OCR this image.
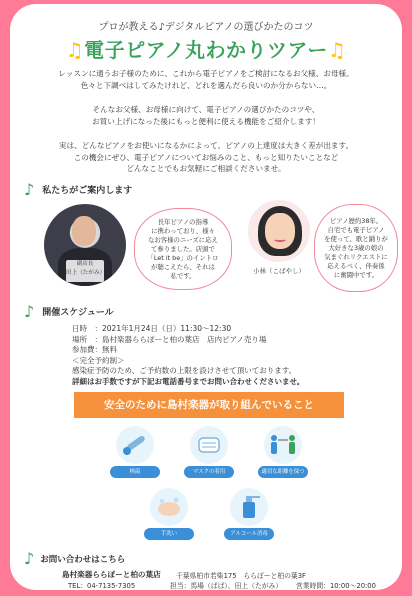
プロが教える♪デジタルピアノの選びかたのコツ
♫電子ピアノ丸わかりツアー♫
レッスンに通うお子様のために、これから電子ピアノをご検討になるお父様、お母様。
色々と下調べはしてみたけれど、どれを選んだら良いのか分からない…。
そんなお父様、お母様に向けて、電子ピアノの選びかたのコツや、
お買い上げになった後にもっと便利に使える機能をご紹介します！
実は、どんなピアノをお使いになるかによって、ピアノの上達度は大きく差が出ます。
この機会にぜひ、電子ピアノについてお悩みのこと、もっと知りたいことなど
どんなことでもお気軽にご相談くださいませ。
♪ 私たちがご案内します
副店長
田上（たがみ）
長年ピアノの指導
に携わっており、様々
なお客様のニーズに応え
て参りました。店頭で
「Let it be」のイントロ
が聴こえたら、それは
私です。
小林（こばやし）
ピアノ歴約38年。
自宅でも電子ピアノ
を使って、歌と踊りが
大好きな3歳の娘の
気まぐれリクエストに
応えるべく、伴奏係
に奮闘中です。
♪ 開催スケジュール
日時　：2021年1月24日（日）11:30～12:30
場所　：島村楽器ららぽーと柏の葉店　店内ピアノ売り場
参加費：無料
＜完全予約制＞
感染症予防のため、ご予約数の上限を設けさせて頂いております。
詳細はお手数ですが下記お電話番号までお問い合わせくださいませ。
安全のために島村楽器が取り組んでいること
検温	マスクの着用	適切な距離を保つ
手洗い	アルコール消毒
♪ お問い合わせはこちら
島村楽器ららぽーと柏の葉店 千葉県柏市若柴175　ららぽーと柏の葉3F
TEL：04-7135-7305	担当：馬場（ばば）、田上（たがみ） 営業時間：10:00～20:00
